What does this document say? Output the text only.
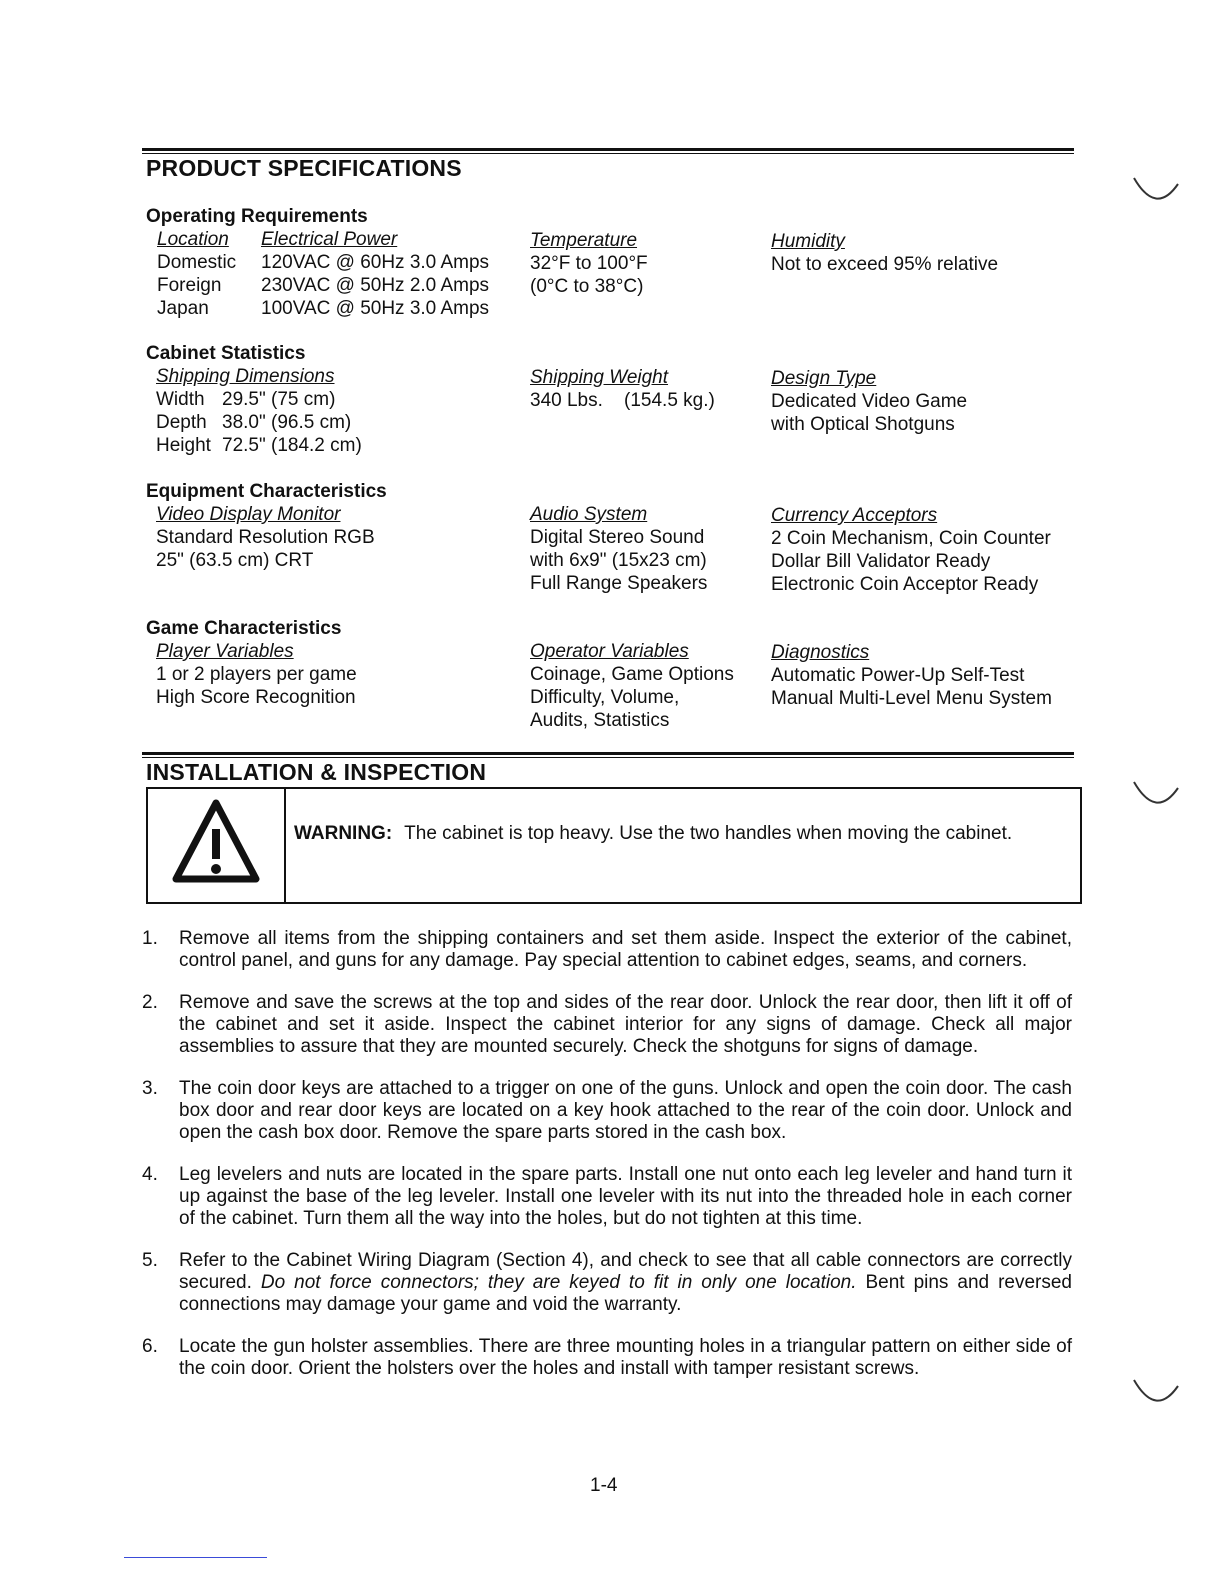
PRODUCT SPECIFICATIONS
Operating Requirements
Location Electrical Power
Domestic 120VAC @ 60Hz 3.0 Amps
Foreign 230VAC @ 50Hz 2.0 Amps
Japan	100VAC @ 50Hz 3.0 Amps
Temperature
32°F to 100°F
(0°C to 38°C)
Humidity
Not to exceed 95% relative
Cabinet Statistics
Shipping Dimensions
Width 29.5" (75 cm)
Depth 38.0" (96.5 cm)
Height 72.5" (184.2 cm)
Shipping Weight
340 Lbs.    (154.5 kg.)
Design Type
Dedicated Video Game
with Optical Shotguns
Equipment Characteristics
Video Display Monitor
Standard Resolution RGB
25" (63.5 cm) CRT
Audio System
Digital Stereo Sound
with 6x9" (15x23 cm)
Full Range Speakers
Currency Acceptors
2 Coin Mechanism, Coin Counter
Dollar Bill Validator Ready
Electronic Coin Acceptor Ready
Game Characteristics
Player Variables
1 or 2 players per game
High Score Recognition
Operator Variables
Coinage, Game Options
Difficulty, Volume,
Audits, Statistics
Diagnostics
Automatic Power-Up Self-Test
Manual Multi-Level Menu System
INSTALLATION & INSPECTION
WARNING: The cabinet is top heavy. Use the two handles when moving the cabinet.
1. Remove all items from the shipping containers and set them aside. Inspect the exterior of the cabinet, control panel, and guns for any damage. Pay special attention to cabinet edges, seams, and corners.
2. Remove and save the screws at the top and sides of the rear door. Unlock the rear door, then lift it off of the cabinet and set it aside. Inspect the cabinet interior for any signs of damage. Check all major assemblies to assure that they are mounted securely. Check the shotguns for signs of damage.
3. The coin door keys are attached to a trigger on one of the guns. Unlock and open the coin door. The cash box door and rear door keys are located on a key hook attached to the rear of the coin door. Unlock and open the cash box door. Remove the spare parts stored in the cash box.
4. Leg levelers and nuts are located in the spare parts. Install one nut onto each leg leveler and hand turn it up against the base of the leg leveler. Install one leveler with its nut into the threaded hole in each corner of the cabinet. Turn them all the way into the holes, but do not tighten at this time.
5. Refer to the Cabinet Wiring Diagram (Section 4), and check to see that all cable connectors are correctly secured. Do not force connectors; they are keyed to fit in only one location. Bent pins and reversed connections may damage your game and void the warranty.
6. Locate the gun holster assemblies. There are three mounting holes in a triangular pattern on either side of the coin door. Orient the holsters over the holes and install with tamper resistant screws.
1-4
